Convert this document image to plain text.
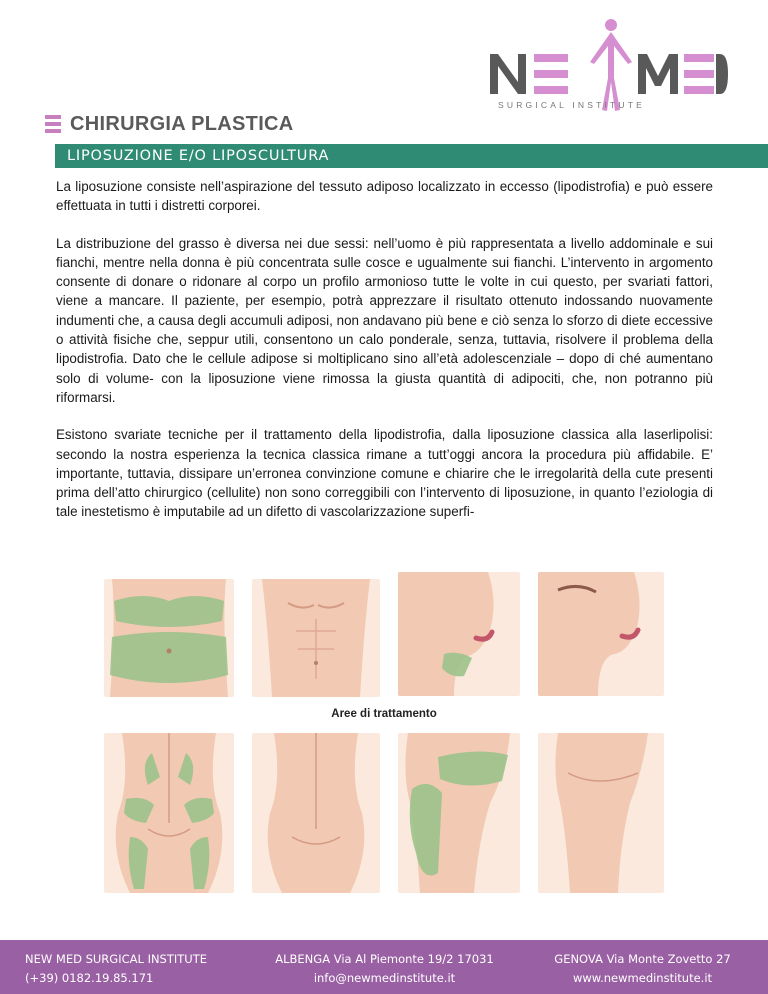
SURGICAL INSTITUTE
CHIRURGIA PLASTICA
LIPOSUZIONE E/O LIPOSCULTURA

La liposuzione consiste nell’aspirazione del tessuto adiposo localizzato in eccesso (lipodistrofia) e può essere effettuata in tutti i distretti corporei.

La distribuzione del grasso è diversa nei due sessi: nell’uomo è più rappresentata a livello addominale e sui fianchi, mentre nella donna è più concentrata sulle cosce e ugualmente sui fianchi. L’intervento in argomento consente di donare o ridonare al corpo un profilo armonioso tutte le volte in cui questo, per svariati fattori, viene a mancare. Il paziente, per esempio, potrà apprezzare il risultato ottenuto indossando nuovamente indumenti che, a causa degli accumuli adiposi, non andavano più bene e ciò senza lo sforzo di diete eccessive o attività fisiche che, seppur utili, consentono un calo ponderale, senza, tuttavia, risolvere il problema della lipodistrofia. Dato che le cellule adipose si moltiplicano sino all’età adolescenziale – dopo di ché aumentano solo di volume- con la liposuzione viene rimossa la giusta quantità di adipociti, che, non potranno più riformarsi.

Esistono svariate tecniche per il trattamento della lipodistrofia, dalla liposuzione classica alla laserlipolisi: secondo la nostra esperienza la tecnica classica rimane a tutt’oggi ancora la procedura più affidabile. E’ importante, tuttavia, dissipare un’erronea convinzione comune e chiarire che le irregolarità della cute presenti prima dell’atto chirurgico (cellulite) non sono correggibili con l’intervento di liposuzione, in quanto l’eziologia di tale inestetismo è imputabile ad un difetto di vascolarizzazione superfi-

Aree di trattamento
NEW MED SURGICAL INSTITUTE
(+39) 0182.19.85.171
ALBENGA Via Al Piemonte 19/2 17031
info@newmedinstitute.it
GENOVA Via Monte Zovetto 27
www.newmedinstitute.it
